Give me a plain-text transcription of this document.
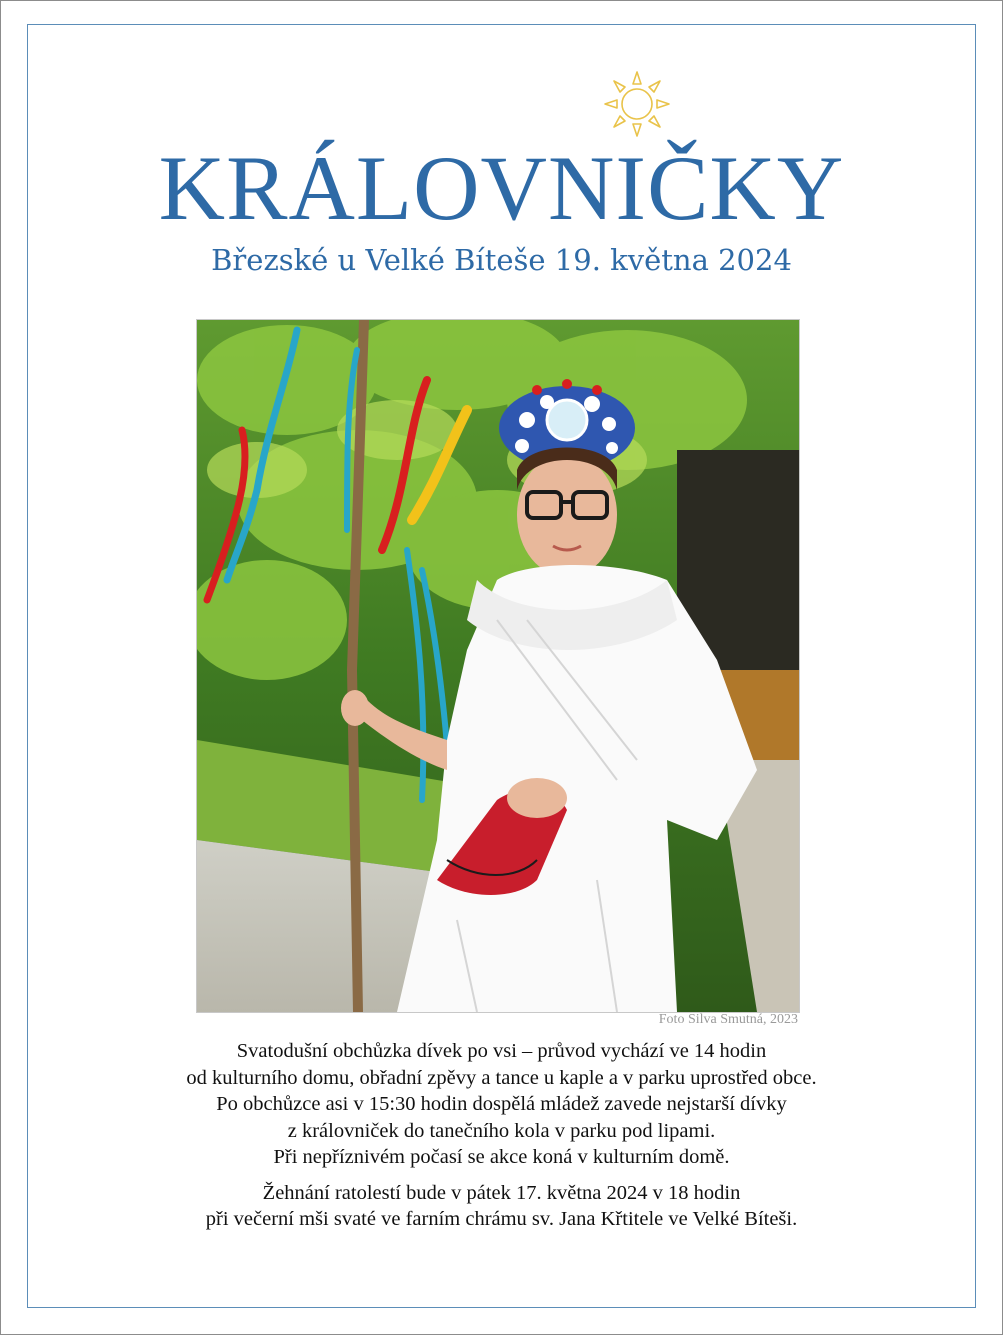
KRÁLOVNIČKY
Březské u Velké Bíteše 19. května 2024
Foto Silva Smutná, 2023

Svatodušní obchůzka dívek po vsi – průvod vychází ve 14 hodin
od kulturního domu, obřadní zpěvy a tance u kaple a v parku uprostřed obce.
Po obchůzce asi v 15:30 hodin dospělá mládež zavede nejstarší dívky
z královniček do tanečního kola v parku pod lipami.
Při nepříznivém počasí se akce koná v kulturním domě.

Žehnání ratolestí bude v pátek 17. května 2024 v 18 hodin
při večerní mši svaté ve farním chrámu sv. Jana Křtitele ve Velké Bíteši.
